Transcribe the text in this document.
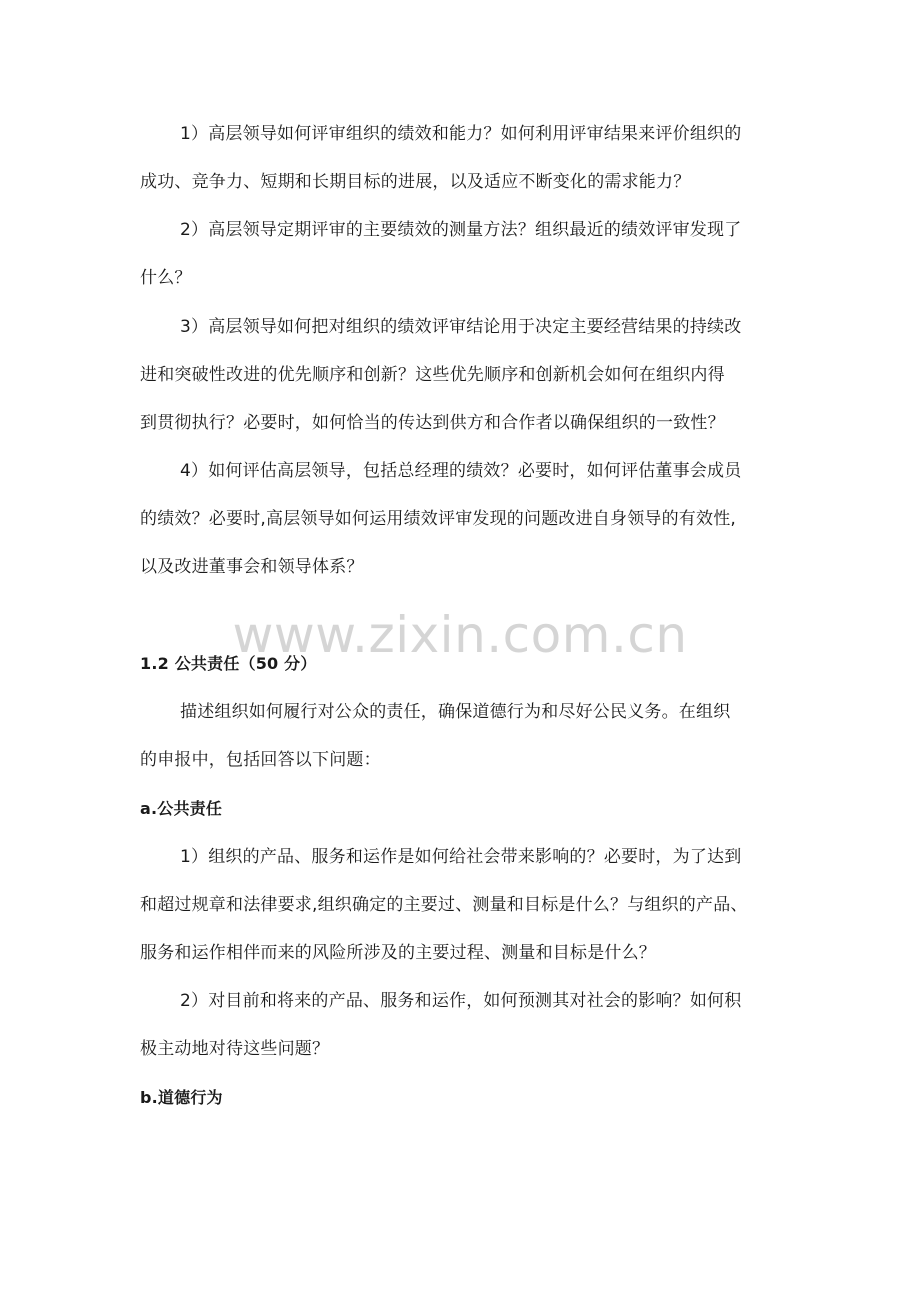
1）高层领导如何评审组织的绩效和能力？如何利用评审结果来评价组织的
成功、竞争力、短期和长期目标的进展，以及适应不断变化的需求能力？
2）高层领导定期评审的主要绩效的测量方法？组织最近的绩效评审发现了
什么？
3）高层领导如何把对组织的绩效评审结论用于决定主要经营结果的持续改
进和突破性改进的优先顺序和创新？这些优先顺序和创新机会如何在组织内得
到贯彻执行？必要时，如何恰当的传达到供方和合作者以确保组织的一致性？
4）如何评估高层领导，包括总经理的绩效？必要时，如何评估董事会成员
的绩效？必要时,高层领导如何运用绩效评审发现的问题改进自身领导的有效性,
以及改进董事会和领导体系？
www.zixin.com.cn
1.2 公共责任（50 分）
描述组织如何履行对公众的责任，确保道德行为和尽好公民义务。在组织
的申报中，包括回答以下问题：
a.公共责任
1）组织的产品、服务和运作是如何给社会带来影响的？必要时，为了达到
和超过规章和法律要求,组织确定的主要过、测量和目标是什么？与组织的产品、
服务和运作相伴而来的风险所涉及的主要过程、测量和目标是什么？
2）对目前和将来的产品、服务和运作，如何预测其对社会的影响？如何积
极主动地对待这些问题？
b.道德行为
